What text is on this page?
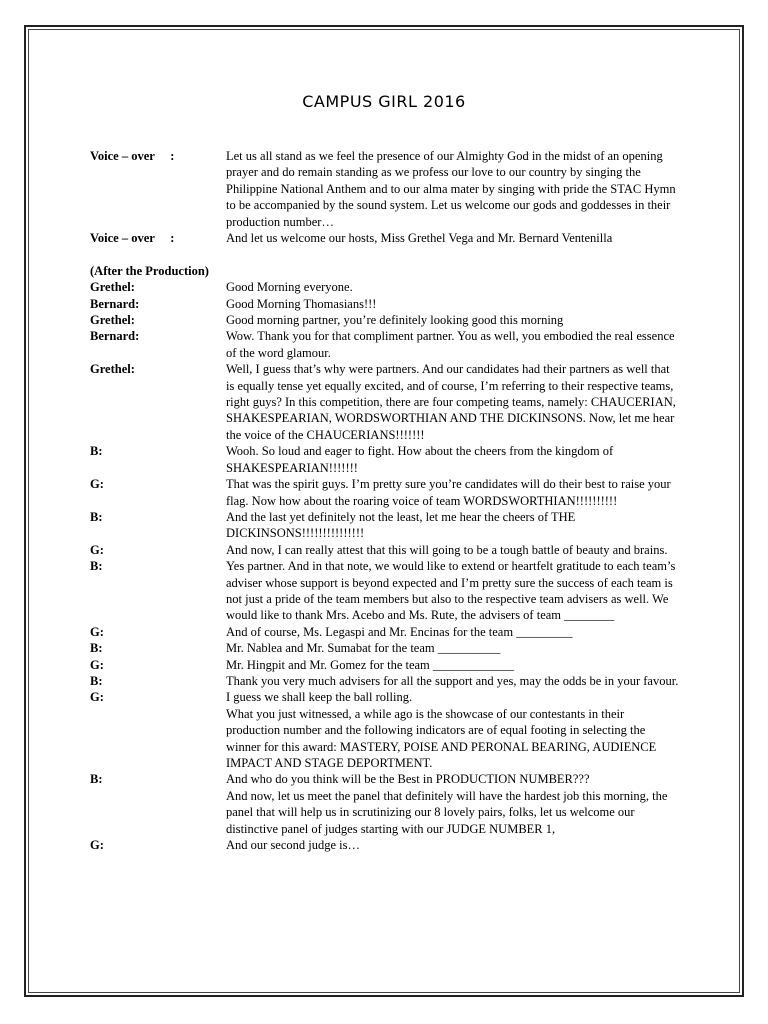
CAMPUS GIRL 2016
Voice – over     :	Let us all stand as we feel the presence of our Almighty God in the midst of an opening prayer and do remain standing as we profess our love to our country by singing the Philippine National Anthem and to our alma mater by singing with pride the STAC Hymn to be accompanied by the sound system. Let us welcome our gods and goddesses in their production number…
Voice – over     :	And let us welcome our hosts, Miss Grethel Vega and Mr. Bernard Ventenilla
(After the Production)
Grethel:	Good Morning everyone.
Bernard:	Good Morning Thomasians!!!
Grethel:	Good morning partner, you’re definitely looking good this morning
Bernard:	Wow. Thank you for that compliment partner. You as well, you embodied the real essence of the word glamour.
Grethel:	Well, I guess that’s why were partners. And our candidates had their partners as well that is equally tense yet equally excited, and of course, I’m referring to their respective teams, right guys? In this competition, there are four competing teams, namely: CHAUCERIAN, SHAKESPEARIAN, WORDSWORTHIAN AND THE DICKINSONS. Now, let me hear the voice of the CHAUCERIANS!!!!!!!
B:	Wooh. So loud and eager to fight. How about the cheers from the kingdom of SHAKESPEARIAN!!!!!!!
G:	That was the spirit guys. I’m pretty sure you’re candidates will do their best to raise your flag. Now how about the roaring voice of team WORDSWORTHIAN!!!!!!!!!!
B:	And the last yet definitely not the least, let me hear the cheers of THE DICKINSONS!!!!!!!!!!!!!!!
G:	And now, I can really attest that this will going to be a tough battle of beauty and brains.
B:	Yes partner. And in that note, we would like to extend or heartfelt gratitude to each team’s adviser whose support is beyond expected and I’m pretty sure the success of each team is not just a pride of the team members but also to the respective team advisers as well. We would like to thank Mrs. Acebo and Ms. Rute, the advisers of team ________
G:	And of course, Ms. Legaspi and Mr. Encinas for the team _________
B:	Mr. Nablea and Mr. Sumabat for the team __________
G:	Mr. Hingpit and Mr. Gomez for the team _____________
B:	Thank you very much advisers for all the support and yes, may the odds be in your favour.
G:	I guess we shall keep the ball rolling.
What you just witnessed, a while ago is the showcase of our contestants in their production number and the following indicators are of equal footing in selecting the winner for this award: MASTERY, POISE AND PERONAL BEARING, AUDIENCE IMPACT AND STAGE DEPORTMENT.
B:	And who do you think will be the Best in PRODUCTION NUMBER???
And now, let us meet the panel that definitely will have the hardest job this morning, the panel that will help us in scrutinizing our 8 lovely pairs, folks, let us welcome our distinctive panel of judges starting with our JUDGE NUMBER 1,
G:	And our second judge is…
